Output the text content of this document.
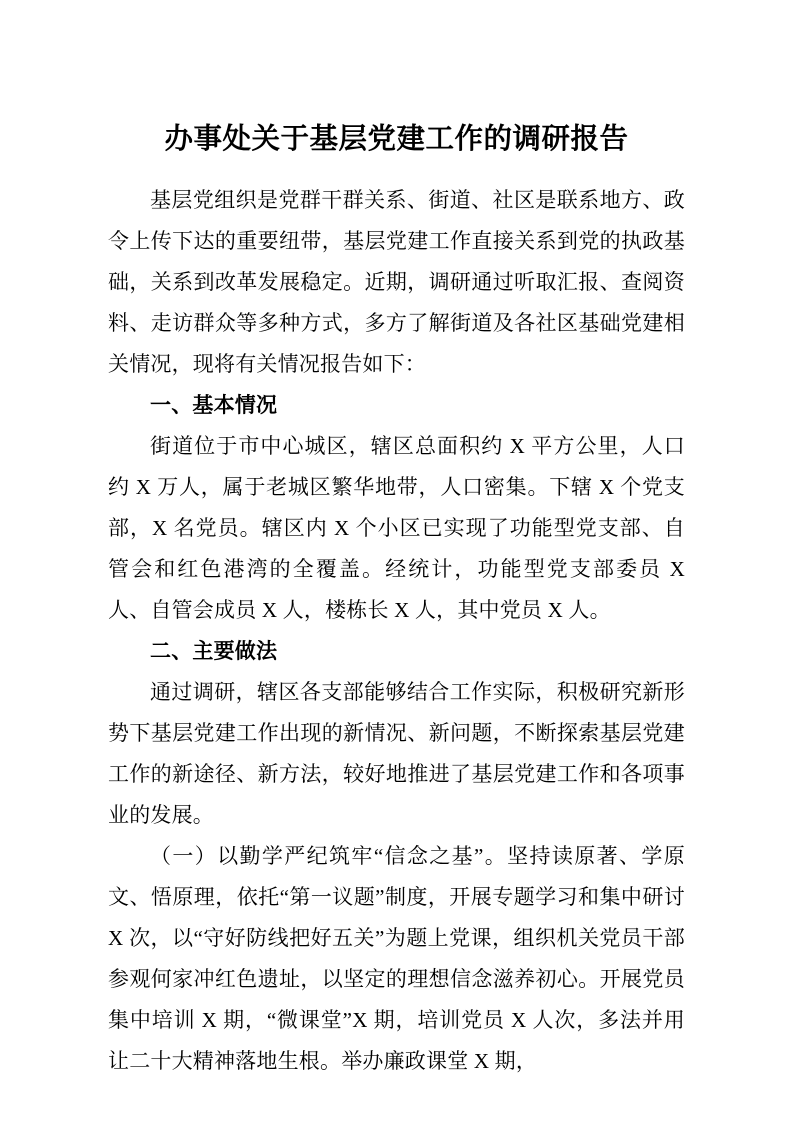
办事处关于基层党建工作的调研报告

基层党组织是党群干群关系、街道、社区是联系地方、政令上传下达的重要纽带，基层党建工作直接关系到党的执政基础，关系到改革发展稳定。近期，调研通过听取汇报、查阅资料、走访群众等多种方式，多方了解街道及各社区基础党建相关情况，现将有关情况报告如下：

一、基本情况

街道位于市中心城区，辖区总面积约 X 平方公里，人口约 X 万人，属于老城区繁华地带，人口密集。下辖 X 个党支部，X 名党员。辖区内 X 个小区已实现了功能型党支部、自管会和红色港湾的全覆盖。经统计，功能型党支部委员 X 人、自管会成员 X 人，楼栋长 X 人，其中党员 X 人。

二、主要做法

通过调研，辖区各支部能够结合工作实际，积极研究新形势下基层党建工作出现的新情况、新问题，不断探索基层党建工作的新途径、新方法，较好地推进了基层党建工作和各项事业的发展。

（一）以勤学严纪筑牢“信念之基”。坚持读原著、学原文、悟原理，依托“第一议题”制度，开展专题学习和集中研讨 X 次，以“守好防线把好五关”为题上党课，组织机关党员干部参观何家冲红色遗址，以坚定的理想信念滋养初心。开展党员集中培训 X 期，“微课堂”X 期，培训党员 X 人次，多法并用让二十大精神落地生根。举办廉政课堂 X 期，
